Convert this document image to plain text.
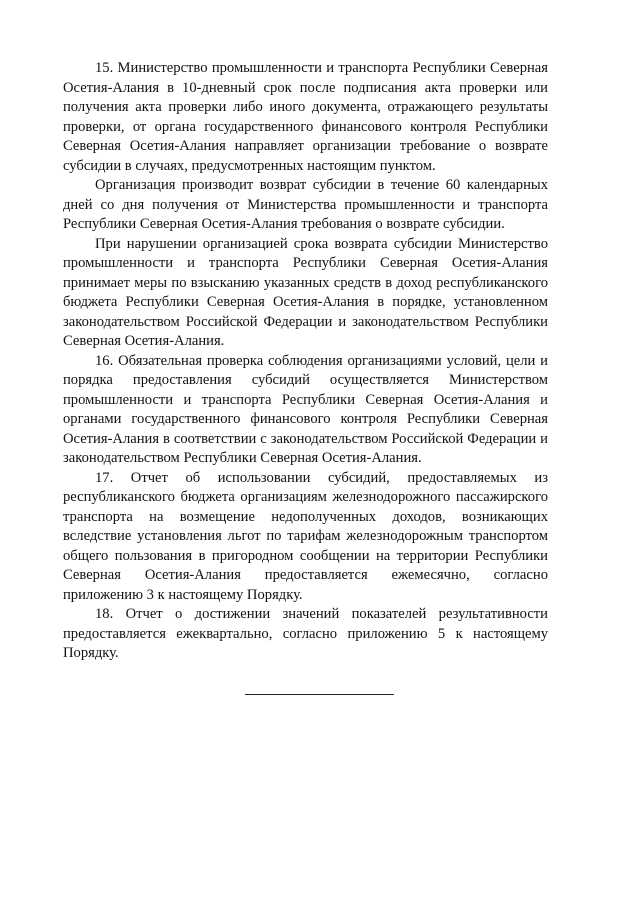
15. Министерство промышленности и транспорта Республики Северная Осетия-Алания в 10-дневный срок после подписания акта проверки или получения акта проверки либо иного документа, отражающего результаты проверки, от органа государственного финансового контроля Республики Северная Осетия-Алания направляет организации требование о возврате субсидии в случаях, предусмотренных настоящим пунктом.

Организация производит возврат субсидии в течение 60 календарных дней со дня получения от Министерства промышленности и транспорта Республики Северная Осетия-Алания требования о возврате субсидии.

При нарушении организацией срока возврата субсидии Министерство промышленности и транспорта Республики Северная Осетия-Алания принимает меры по взысканию указанных средств в доход республиканского бюджета Республики Северная Осетия-Алания в порядке, установленном законодательством Российской Федерации и законодательством Республики Северная Осетия-Алания.

16. Обязательная проверка соблюдения организациями условий, цели и порядка предоставления субсидий осуществляется Министерством промышленности и транспорта Республики Северная Осетия-Алания и органами государственного финансового контроля Республики Северная Осетия-Алания в соответствии с законодательством Российской Федерации и законодательством Республики Северная Осетия-Алания.

17. Отчет об использовании субсидий, предоставляемых из республиканского бюджета организациям железнодорожного пассажирского транспорта на возмещение недополученных доходов, возникающих вследствие установления льгот по тарифам железнодорожным транспортом общего пользования в пригородном сообщении на территории Республики Северная Осетия-Алания предоставляется ежемесячно, согласно приложению 3 к настоящему Порядку.

18. Отчет о достижении значений показателей результативности предоставляется ежеквартально, согласно приложению 5 к настоящему Порядку.
